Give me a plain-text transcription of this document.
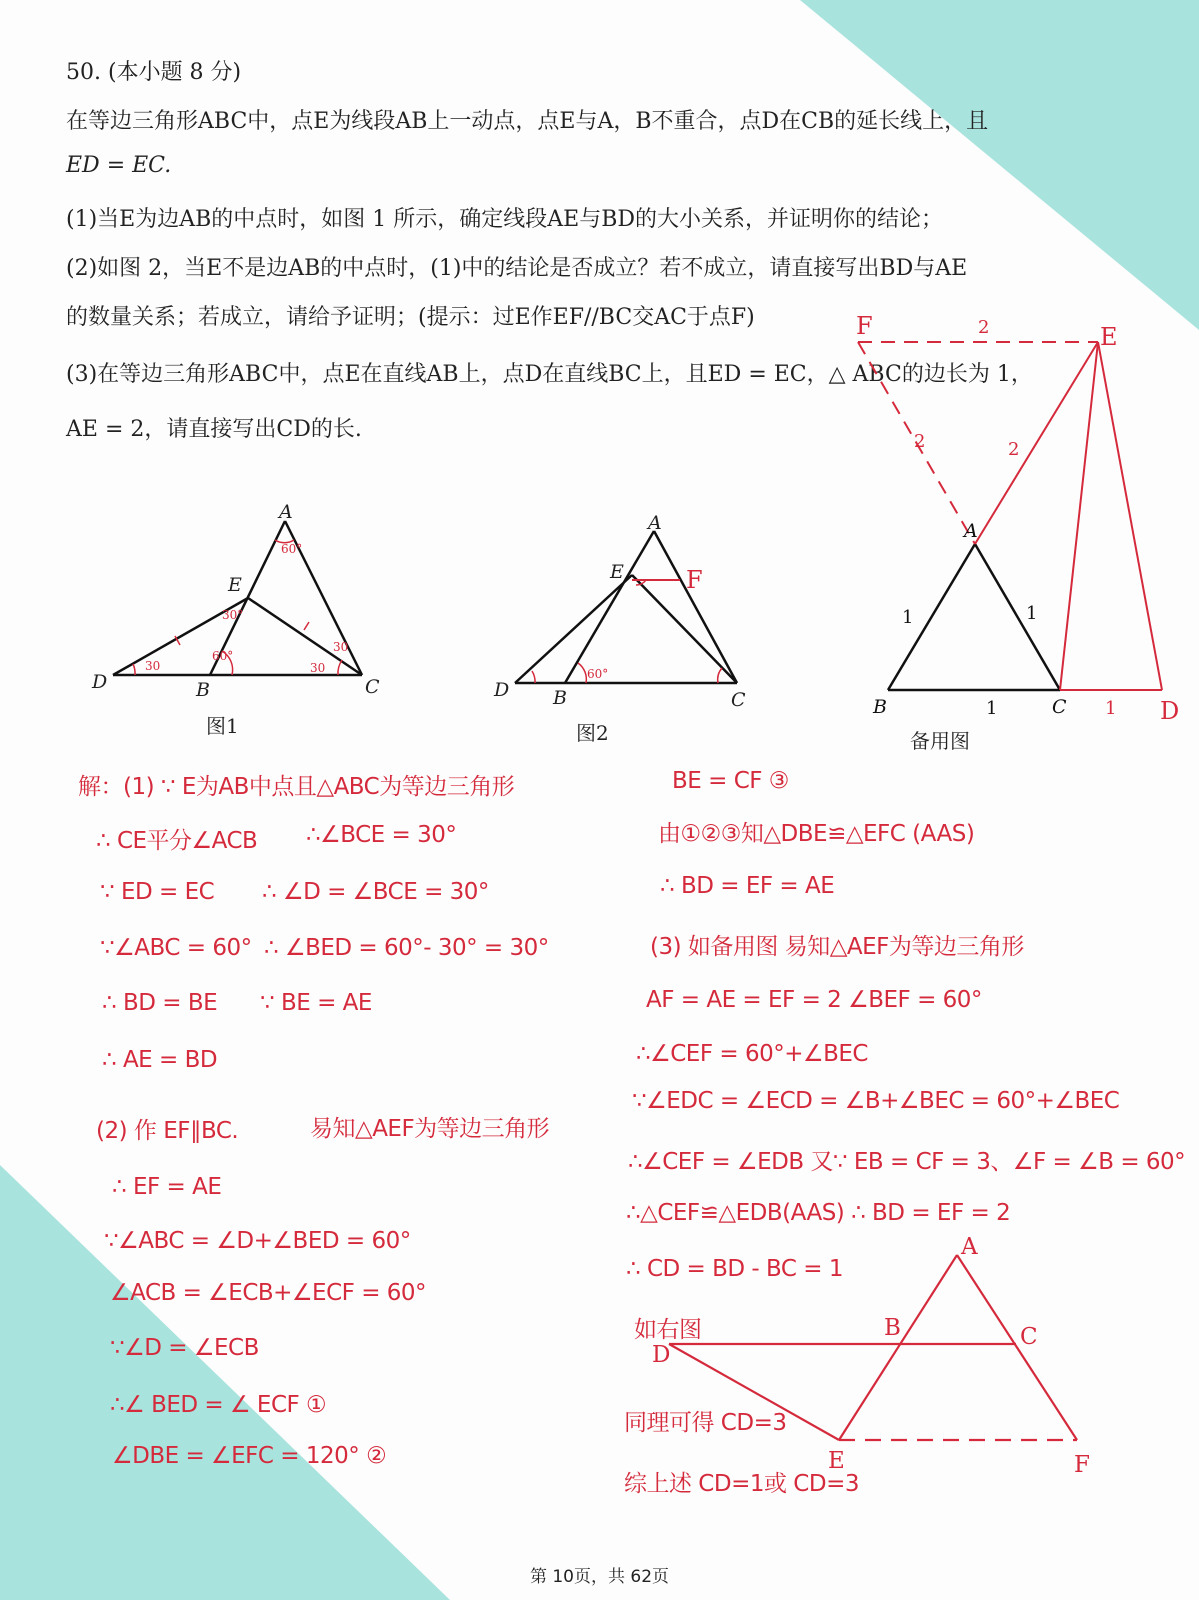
50. (本小题 8 分)
在等边三角形ABC中，点E为线段AB上一动点，点E与A，B不重合，点D在CB的延长线上，且
ED = EC.
(1)当E为边AB的中点时，如图 1 所示，确定线段AE与BD的大小关系，并证明你的结论；
(2)如图 2，当E不是边AB的中点时，(1)中的结论是否成立？若不成立，请直接写出BD与AE
的数量关系；若成立，请给予证明；(提示：过E作EF//BC交AC于点F)
(3)在等边三角形ABC中，点E在直线AB上，点D在直线BC上，且ED = EC，△ ABC的边长为 1，
AE = 2，请直接写出CD的长.
A
E
D	B	C
60°
30°
60°
30	30
30
图1
A
E
D B	C
F
60°
图2
A
B	C
F	E
D
2
2	2
1
1	1
1
备用图
A
B	C
D
E	F
解：(1) ∵ E为AB中点且△ABC为等边三角形
∴ CE平分∠ACB ∴∠BCE = 30°
∵ ED = EC ∴ ∠D = ∠BCE = 30°
∵∠ABC = 60° ∴ ∠BED = 60°- 30° = 30°
∴ BD = BE ∵ BE = AE
∴ AE = BD
(2) 作 EF∥BC.	易知△AEF为等边三角形
∴ EF = AE
∵∠ABC = ∠D+∠BED = 60°
∠ACB = ∠ECB+∠ECF = 60°
∵∠D = ∠ECB
∴∠ BED = ∠ ECF ①
∠DBE = ∠EFC = 120° ②
BE = CF ③
由①②③知△DBE≌△EFC (AAS)
∴ BD = EF = AE
(3) 如备用图 易知△AEF为等边三角形
AF = AE = EF = 2 ∠BEF = 60°
∴∠CEF = 60°+∠BEC
∵∠EDC = ∠ECD = ∠B+∠BEC = 60°+∠BEC
∴∠CEF = ∠EDB 又∵ EB = CF = 3、∠F = ∠B = 60°
∴△CEF≌△EDB(AAS) ∴ BD = EF = 2
∴ CD = BD - BC = 1
如右图
同理可得 CD=3
综上述 CD=1或 CD=3
第 10页，共 62页
